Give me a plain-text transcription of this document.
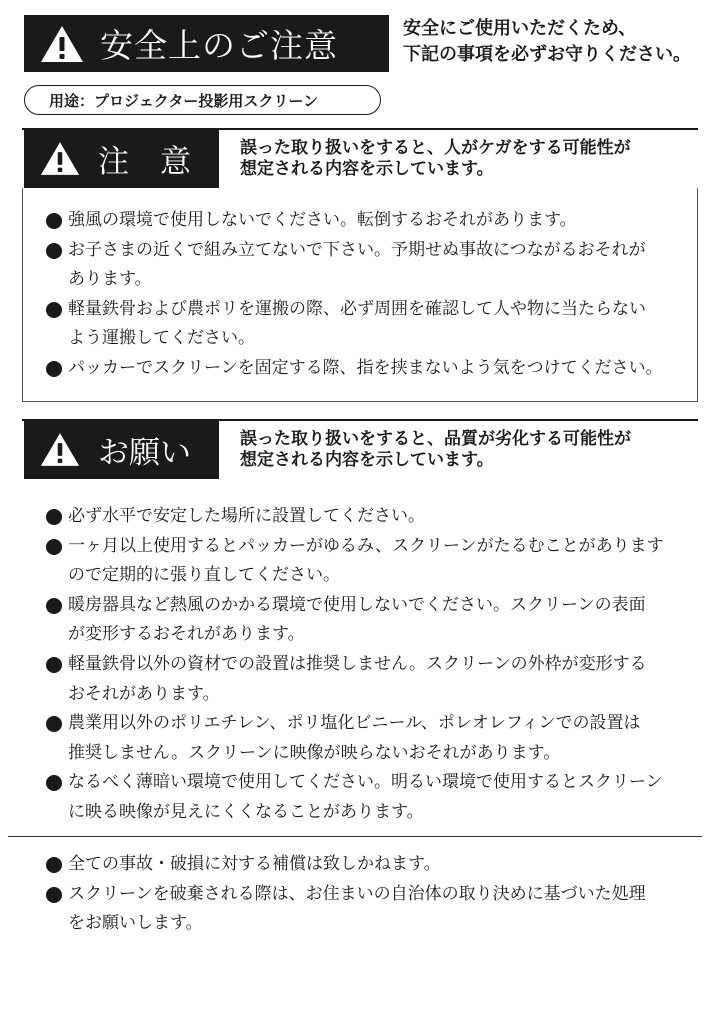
安全上のご注意	安全にご使用いただくため、
下記の事項を必ずお守りください。
用途：プロジェクター投影用スクリーン
注　意	誤った取り扱いをすると、人がケガをする可能性が
想定される内容を示しています。
強風の環境で使用しないでください。転倒するおそれがあります。
お子さまの近くで組み立てないで下さい。予期せぬ事故につながるおそれが
あります。
軽量鉄骨および農ポリを運搬の際、必ず周囲を確認して人や物に当たらない
よう運搬してください。
パッカーでスクリーンを固定する際、指を挟まないよう気をつけてください。
お願い	誤った取り扱いをすると、品質が劣化する可能性が
想定される内容を示しています。
必ず水平で安定した場所に設置してください。
一ヶ月以上使用するとパッカーがゆるみ、スクリーンがたるむことがあります
ので定期的に張り直してください。
暖房器具など熱風のかかる環境で使用しないでください。スクリーンの表面
が変形するおそれがあります。
軽量鉄骨以外の資材での設置は推奨しません。スクリーンの外枠が変形する
おそれがあります。
農業用以外のポリエチレン、ポリ塩化ビニール、ポレオレフィンでの設置は
推奨しません。スクリーンに映像が映らないおそれがあります。
なるべく薄暗い環境で使用してください。明るい環境で使用するとスクリーン
に映る映像が見えにくくなることがあります。
全ての事故・破損に対する補償は致しかねます。
スクリーンを破棄される際は、お住まいの自治体の取り決めに基づいた処理
をお願いします。
